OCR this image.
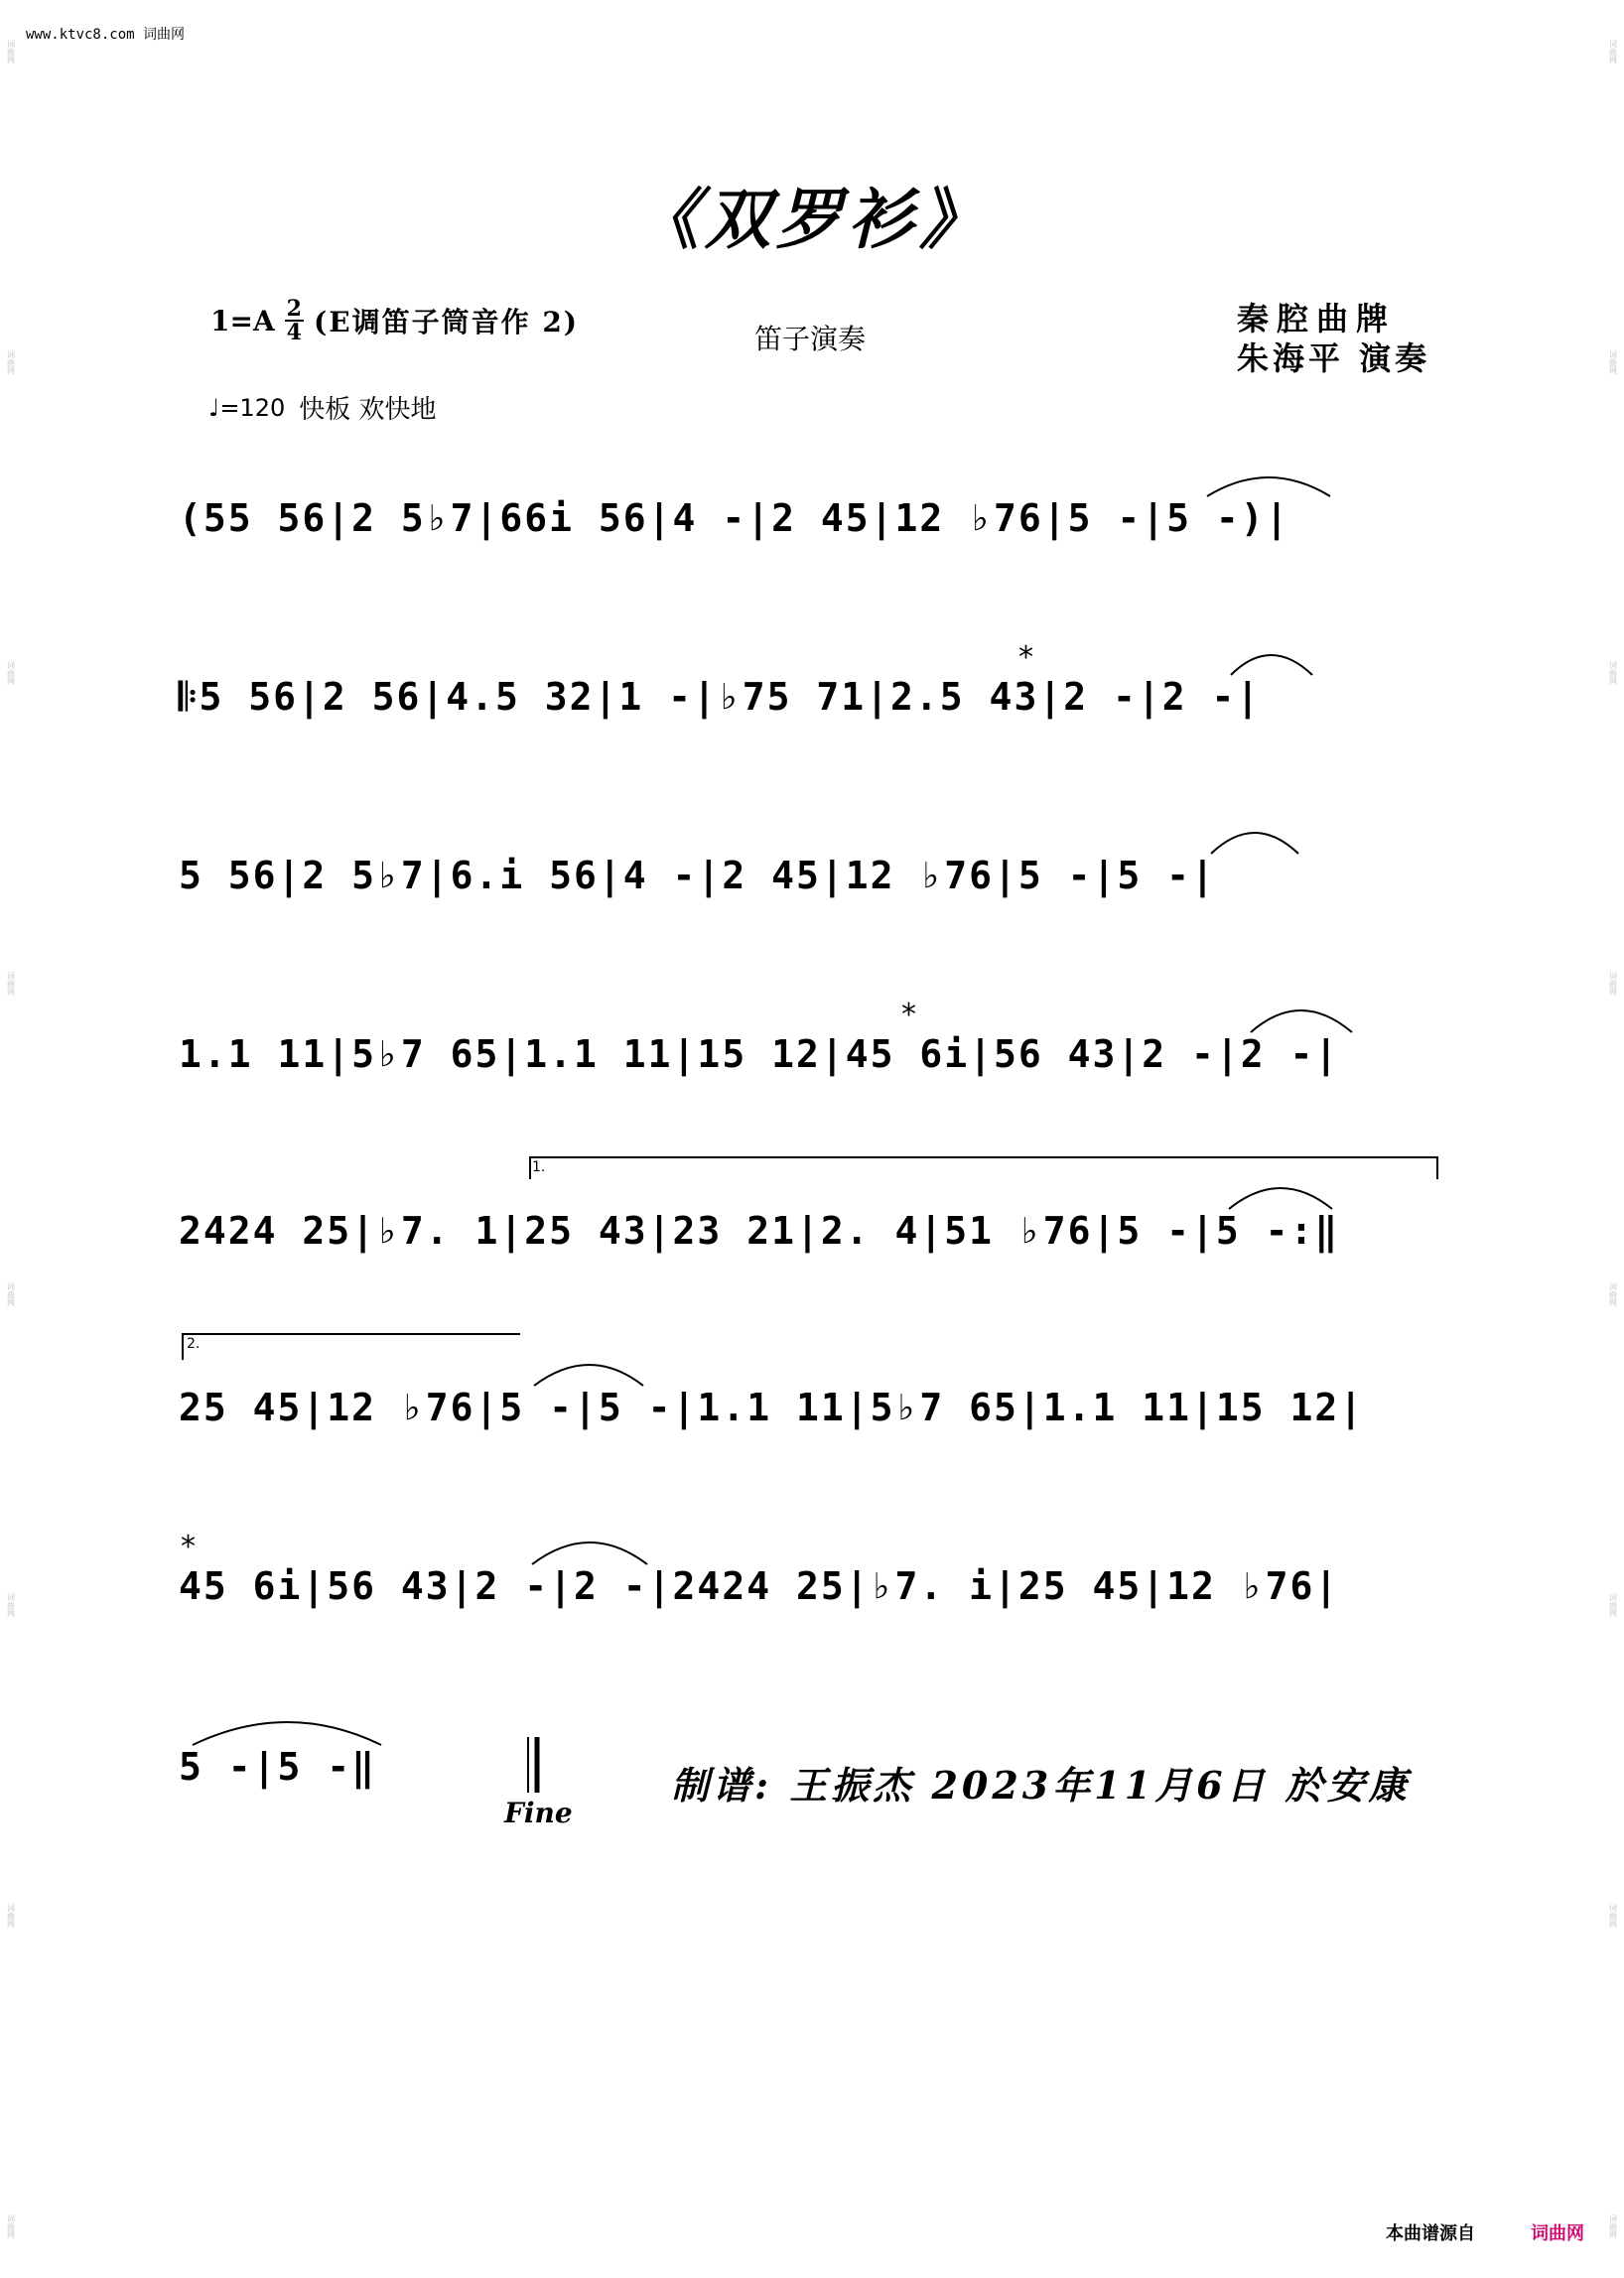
www.ktvc8.com 词曲网
词曲网
词曲网
词曲网
词曲网
词曲网
词曲网
词曲网
词曲网
词曲网
词曲网
词曲网
词曲网
词曲网
词曲网
词曲网
词曲网
《双罗衫》
$1=A \frac{2}{4} (E$调笛子筒音作 2)
笛子演奏
秦腔曲牌
朱海平 演奏
♩=120 快板 欢快地
(55 56|2 5♭7|66i 56|4 -|2 45|12 ♭76|5 -|5 -)|
𝄆5 56|2 56|4.5 32|1 -|♭75 71|2.5 43|2 -|2 -|
5 56|2 5♭7|6.i 56|4 -|2 45|12 ♭76|5 -|5 -|
1.1 11|5♭7 65|1.1 11|15 12|45 6i|56 43|2 -|2 -|
2424 25|♭7. 1|25 43|23 21|2. 4|51 ♭76|5 -|5 -:‖
25 45|12 ♭76|5 -|5 -|1.1 11|5♭7 65|1.1 11|15 12|
45 6i|56 43|2 -|2 -|2424 25|♭7. i|25 45|12 ♭76|
5 -|5 -‖
*
*
*
Fine
制谱: 王振杰 2023年11月6日 於安康
1.
2.
本曲谱源自	词曲网
